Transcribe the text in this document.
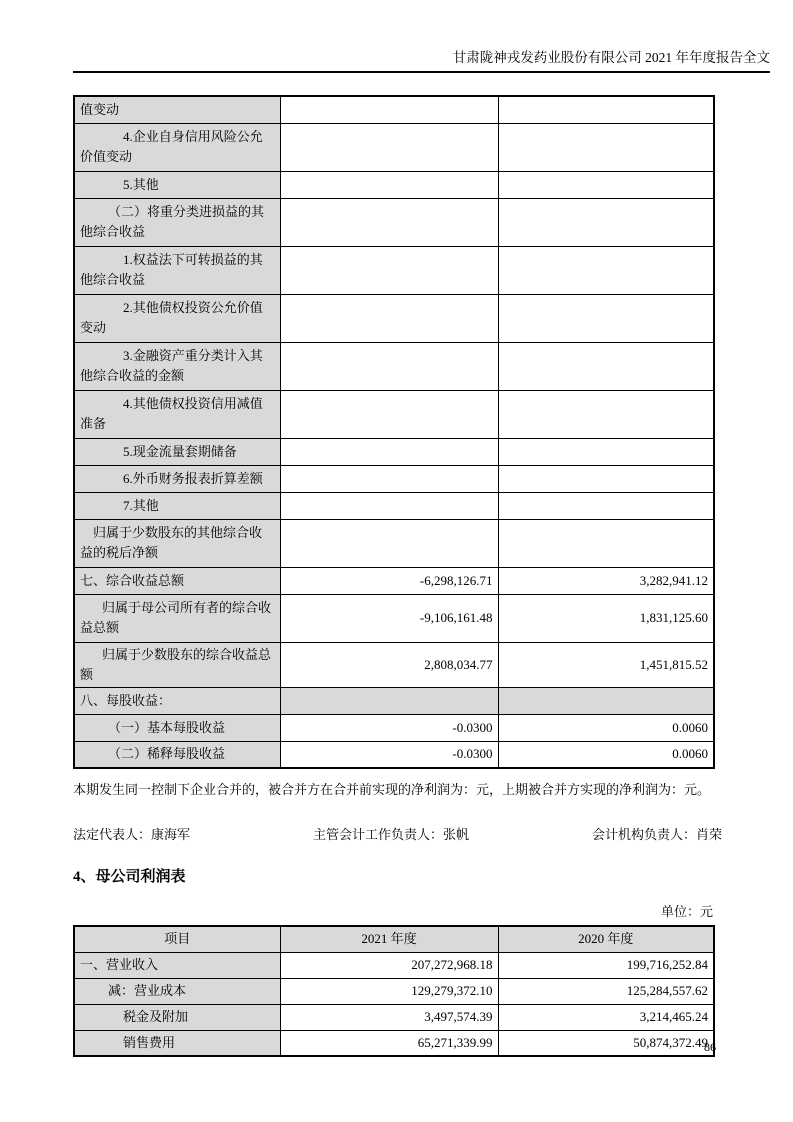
甘肃陇神戎发药业股份有限公司 2021 年年度报告全文
值变动		
4.企业自身信用风险公允价值变动		
5.其他		
（二）将重分类进损益的其他综合收益		
1.权益法下可转损益的其他综合收益		
2.其他债权投资公允价值变动		
3.金融资产重分类计入其他综合收益的金额		
4.其他债权投资信用减值准备		
5.现金流量套期储备		
6.外币财务报表折算差额		
7.其他		
归属于少数股东的其他综合收益的税后净额		
七、综合收益总额	-6,298,126.71	3,282,941.12
归属于母公司所有者的综合收益总额	-9,106,161.48	1,831,125.60
归属于少数股东的综合收益总额	2,808,034.77	1,451,815.52
八、每股收益：		
（一）基本每股收益	-0.0300	0.0060
（二）稀释每股收益	-0.0300	0.0060
本期发生同一控制下企业合并的，被合并方在合并前实现的净利润为：元，上期被合并方实现的净利润为：元。
法定代表人：康海军	主管会计工作负责人：张帆	会计机构负责人：肖荣
4、母公司利润表
单位：元
项目	2021 年度	2020 年度
一、营业收入	207,272,968.18	199,716,252.84
减：营业成本	129,279,372.10	125,284,557.62
税金及附加	3,497,574.39	3,214,465.24
销售费用	65,271,339.99	50,874,372.49
86
